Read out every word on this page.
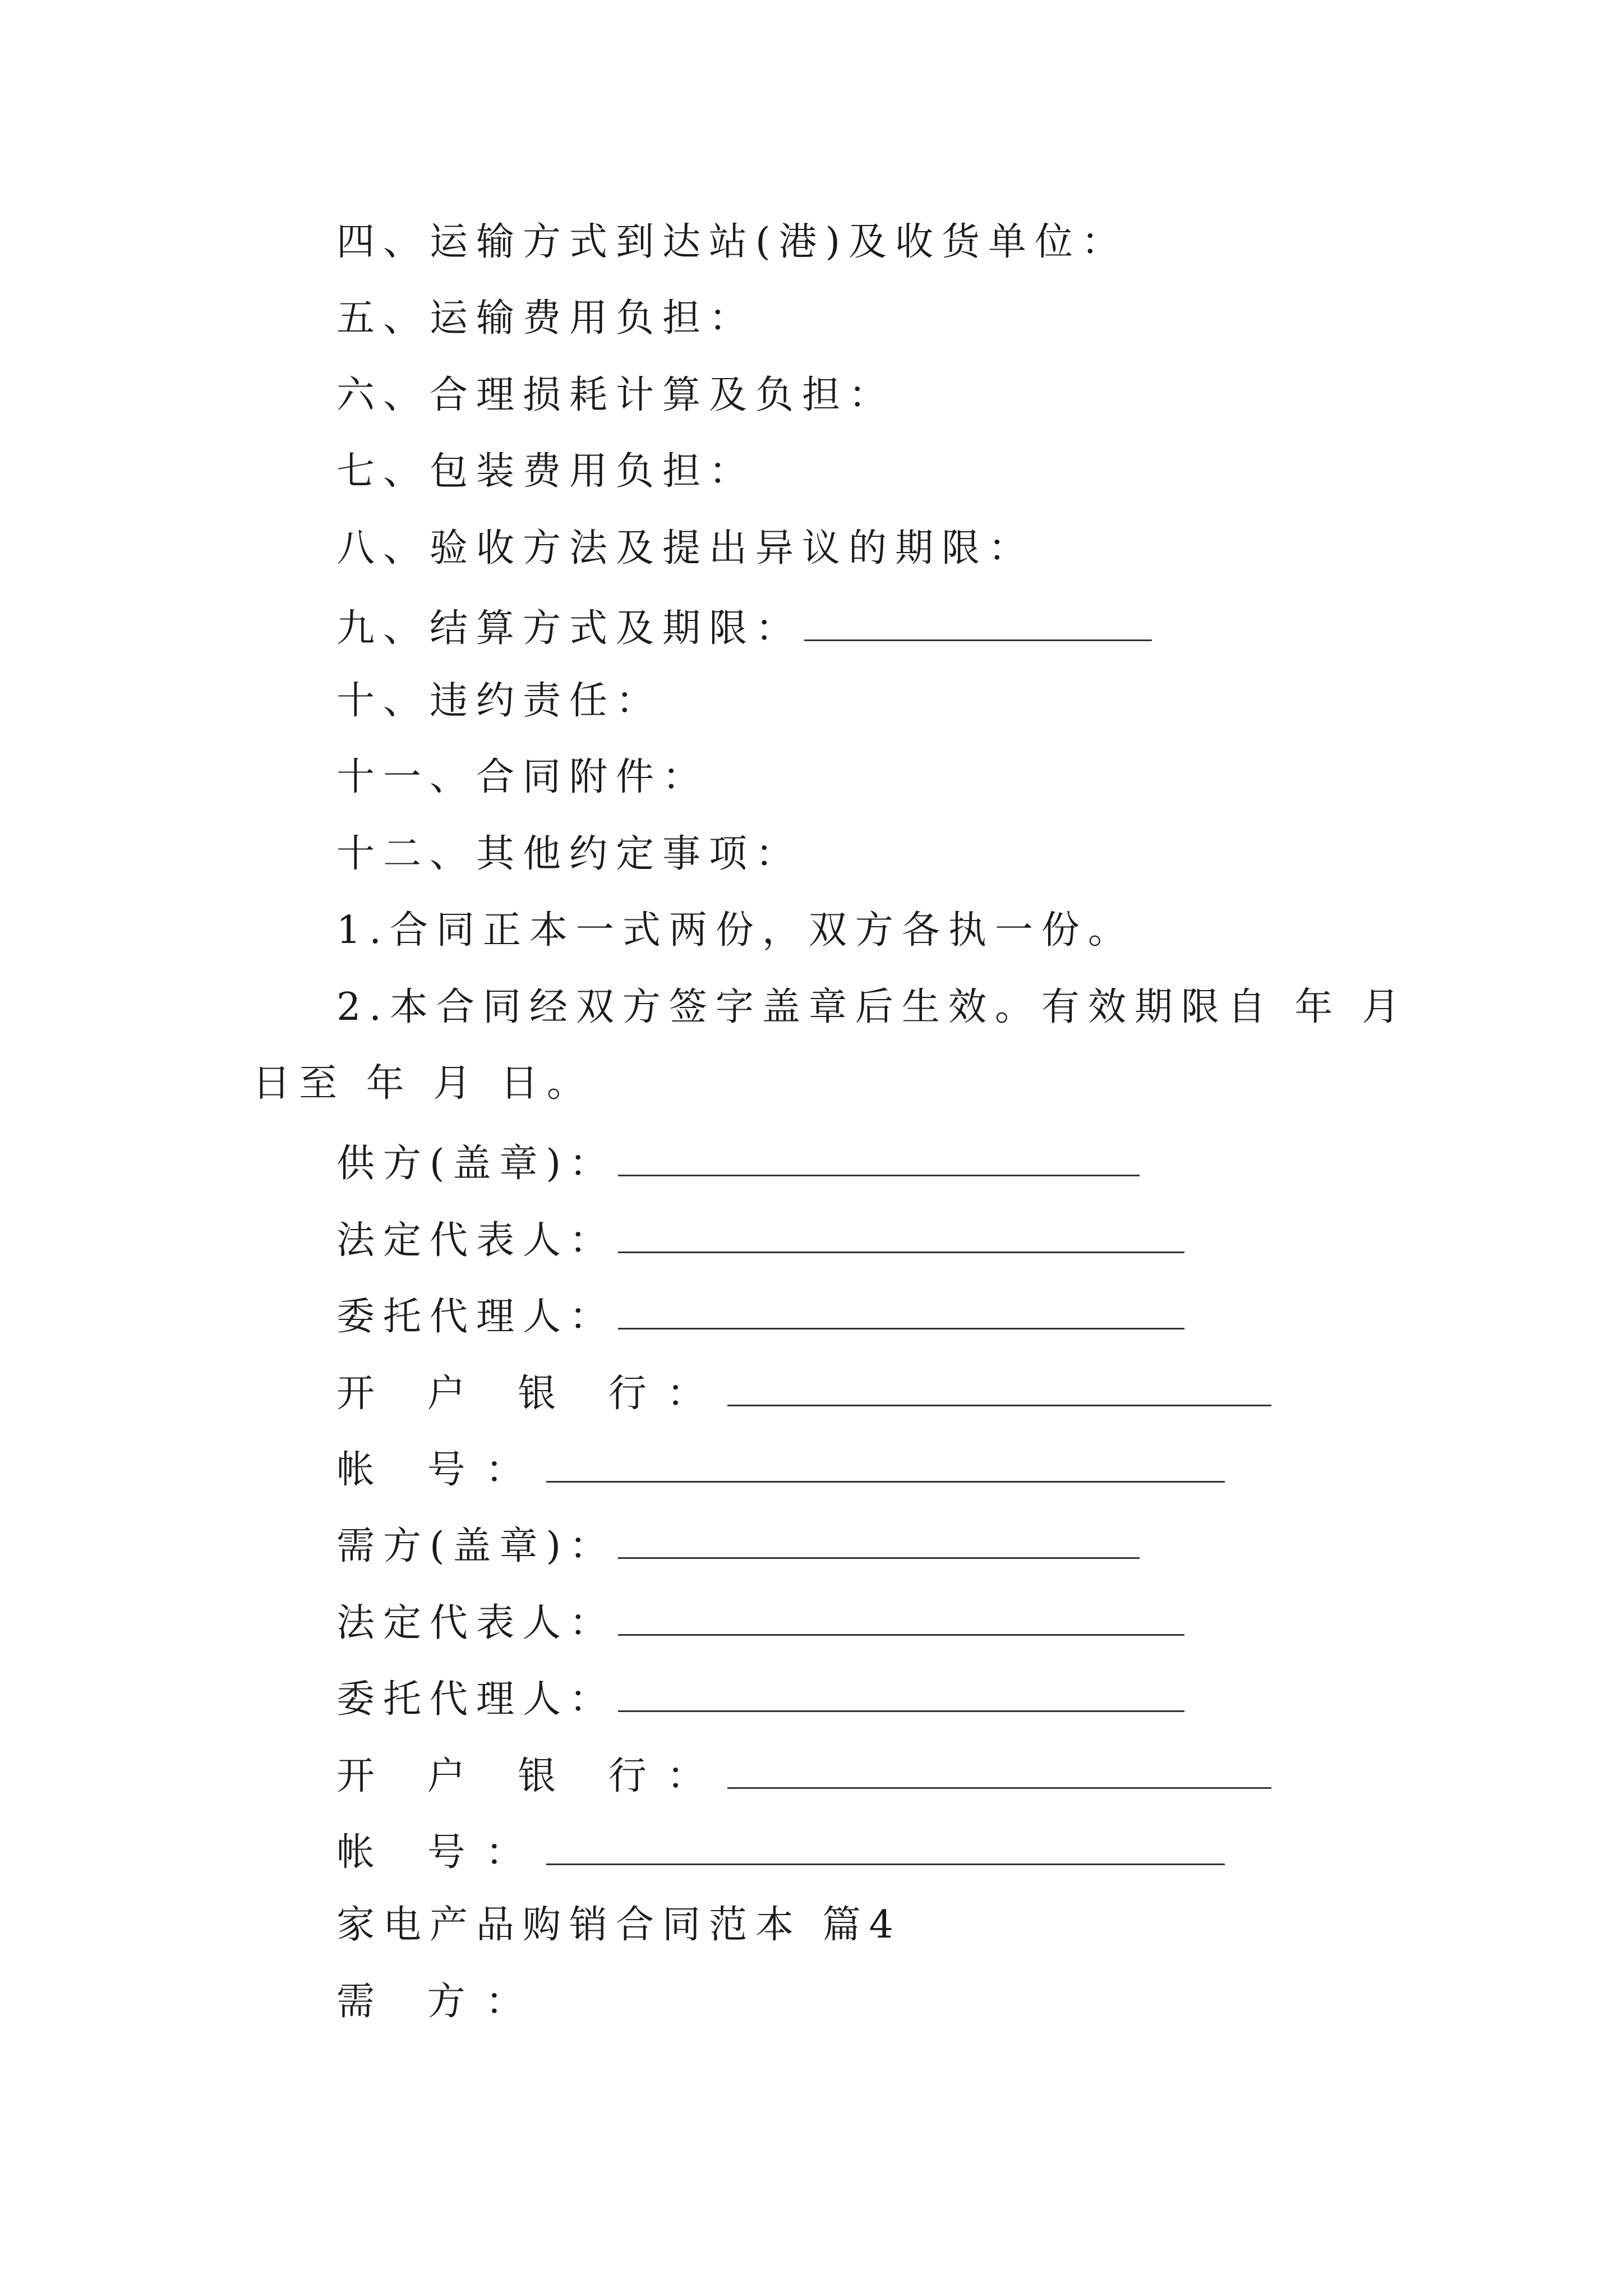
四、运输方式到达站(港)及收货单位：
五、运输费用负担：
六、合理损耗计算及负担：
七、包装费用负担：
八、验收方法及提出异议的期限：
九、结算方式及期限：
十、违约责任：
十一、合同附件：
十二、其他约定事项：
1.合同正本一式两份，双方各执一份。
2.本合同经双方签字盖章后生效。有效期限自 年 月
日至 年 月 日。
供方(盖章)：
法定代表人：
委托代理人：
开 户 银 行：
帐 号：
需方(盖章)：
法定代表人：
委托代理人：
开 户 银 行：
帐 号：
家电产品购销合同范本 篇4
需 方：
